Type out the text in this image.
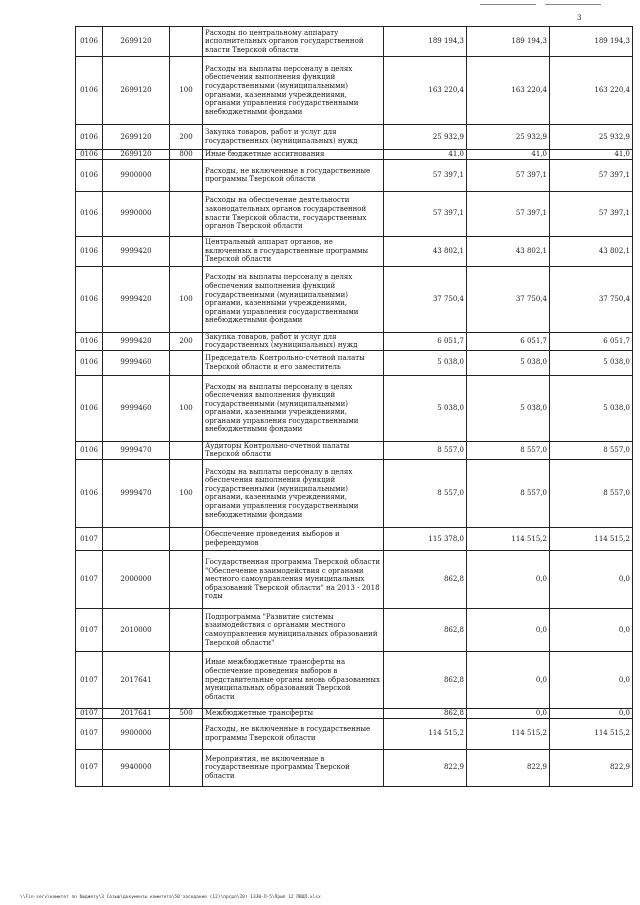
3
0106	2699120		Расходы по центральному аппарату исполнительных органов государственной власти Тверской области	189 194,3	189 194,3	189 194,3
0106	2699120	100	Расходы на выплаты персоналу в целях обеспечения выполнения функций государственными (муниципальными) органами, казенными учреждениями, органами управления государственными внебюджетными фондами	163 220,4	163 220,4	163 220,4
0106	2699120	200	Закупка товаров, работ и услуг для государственных (муниципальных) нужд	25 932,9	25 932,9	25 932,9
0106	2699120	800	Иные бюджетные ассигнования	41,0	41,0	41,0
0106	9900000		Расходы, не включенные в государственные программы Тверской области	57 397,1	57 397,1	57 397,1
0106	9990000		Расходы на обеспечение деятельности законодательных органов государственной власти Тверской области, государственных органов Тверской области	57 397,1	57 397,1	57 397,1
0106	9999420		Центральный аппарат органов, не включенных в государственные программы Тверской области	43 802,1	43 802,1	43 802,1
0106	9999420	100	Расходы на выплаты персоналу в целях обеспечения выполнения функций государственными (муниципальными) органами, казенными учреждениями, органами управления государственными внебюджетными фондами	37 750,4	37 750,4	37 750,4
0106	9999420	200	Закупка товаров, работ и услуг для государственных (муниципальных) нужд	6 051,7	6 051,7	6 051,7
0106	9999460		Председатель Контрольно-счетной палаты Тверской области и его заместитель	5 038,0	5 038,0	5 038,0
0106	9999460	100	Расходы на выплаты персоналу в целях обеспечения выполнения функций государственными (муниципальными) органами, казенными учреждениями, органами управления государственными внебюджетными фондами	5 038,0	5 038,0	5 038,0
0106	9999470		Аудиторы Контрольно-счетной палаты Тверской области	8 557,0	8 557,0	8 557,0
0106	9999470	100	Расходы на выплаты персоналу в целях обеспечения выполнения функций государственными (муниципальными) органами, казенными учреждениями, органами управления государственными внебюджетными фондами	8 557,0	8 557,0	8 557,0
0107			Обеспечение проведения выборов и референдумов	115 378,0	114 515,2	114 515,2
0107	2000000		Государственная программа Тверской области "Обеспечение взаимодействия с органами местного самоуправления муниципальных образований Тверской области" на 2013 - 2018 годы	862,8	0,0	0,0
0107	2010000		Подпрограмма "Развитие системы взаимодействия с органами местного самоуправления муниципальных образований Тверской области"	862,8	0,0	0,0
0107	2017641		Иные межбюджетные трансферты на обеспечение проведения выборов в представительные органы вновь образованных муниципальных образований Тверской области	862,8	0,0	0,0
0107	2017641	500	Межбюджетные трансферты	862,8	0,0	0,0
0107	9900000		Расходы, не включенные в государственные программы Тверской области	114 515,2	114 515,2	114 515,2
0107	9940000		Мероприятия, не включенные в государственные программы Тверской области	822,9	822,9	822,9
\\Fin-serv\комитет по бюджету\3 Созыв\документы комитета\50 заседание (12)\прсрл\20) 1330-П-5\Прил 12 ПВЦП.xlsx
